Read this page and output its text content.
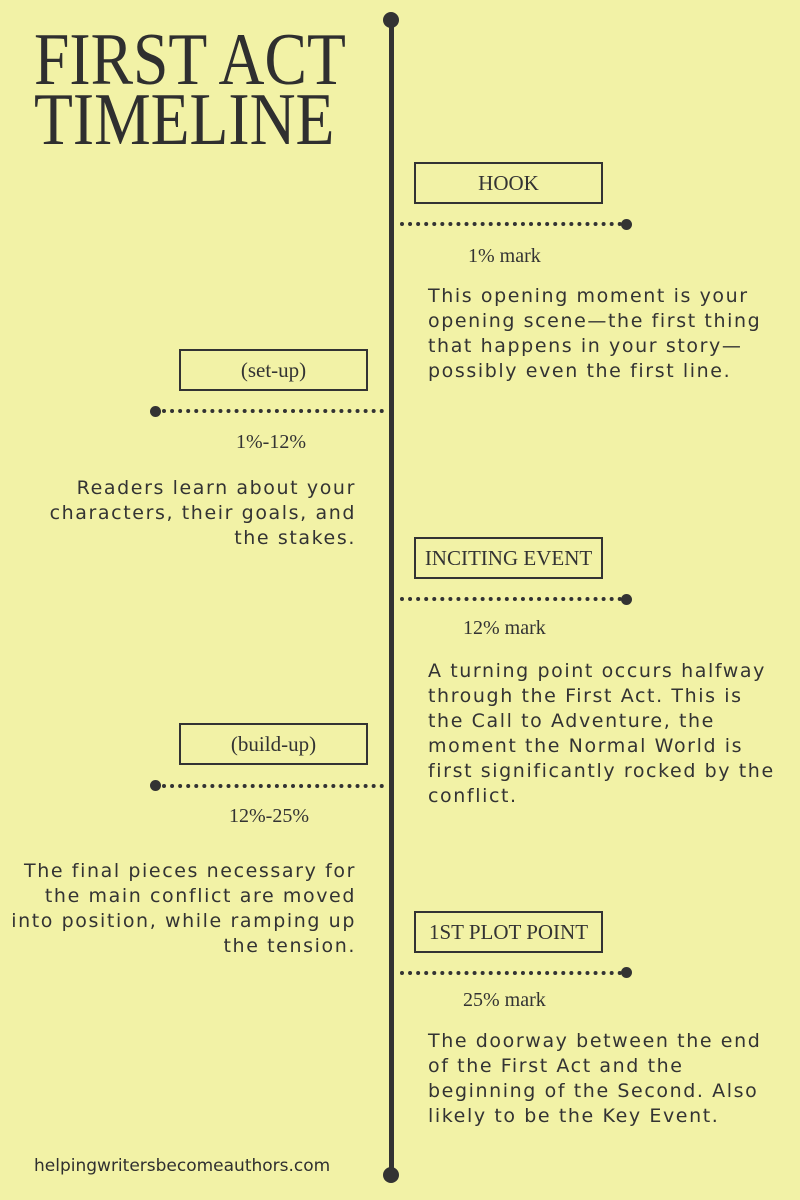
FIRST ACT
TIMELINE
HOOK
1% mark
This opening moment is your opening scene—the first thing that happens in your story—possibly even the first line.
(set-up)
1%-12%
Readers learn about your characters, their goals, and the stakes.
INCITING EVENT
12% mark
A turning point occurs halfway through the First Act. This is the Call to Adventure, the moment the Normal World is first significantly rocked by the conflict.
(build-up)
12%-25%
The final pieces necessary for the main conflict are moved into position, while ramping up the tension.
1ST PLOT POINT
25% mark
The doorway between the end of the First Act and the beginning of the Second. Also likely to be the Key Event.
helpingwritersbecomeauthors.com
